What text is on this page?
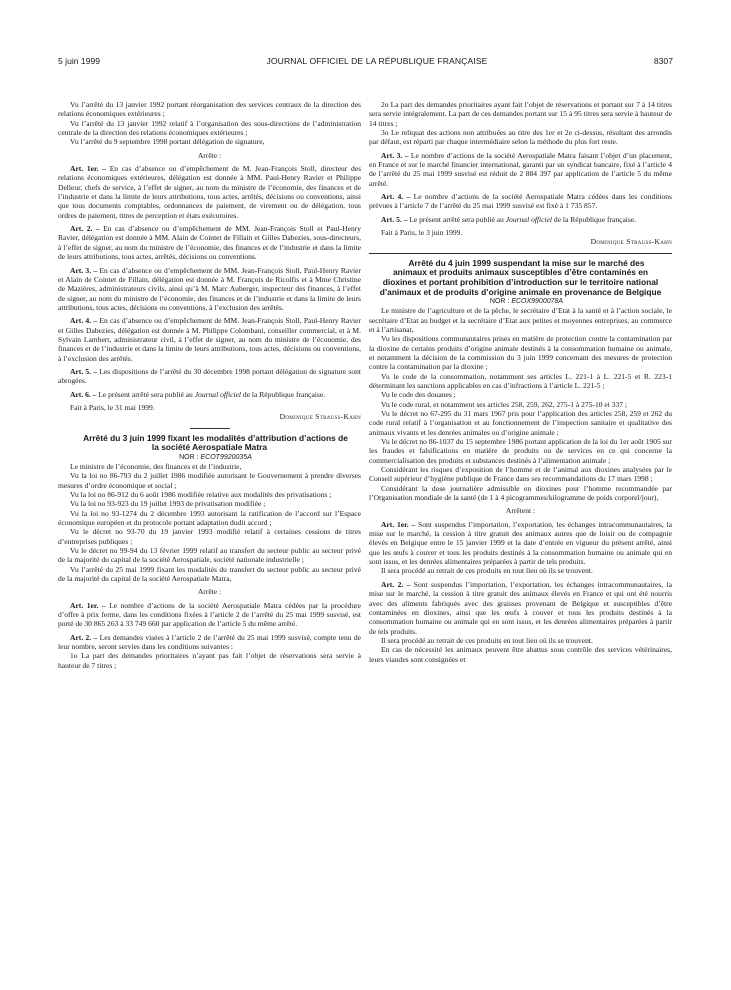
5 juin 1999	JOURNAL OFFICIEL DE LA RÉPUBLIQUE FRANÇAISE	8307

Vu l’arrêté du 13 janvier 1992 portant réorganisation des services centraux de la direction des relations économiques extérieures ;

Vu l’arrêté du 13 janvier 1992 relatif à l’organisation des sous-directions de l’administration centrale de la direction des relations économiques extérieures ;

Vu l’arrêté du 9 septembre 1998 portant délégation de signature,

Arrête :

Art. 1er. – En cas d’absence ou d’empêchement de M. Jean-François Stoll, directeur des relations économiques extérieures, délégation est donnée à MM. Paul-Henry Ravier et Philippe Delleur, chefs de service, à l’effet de signer, au nom du ministre de l’économie, des finances et de l’industrie et dans la limite de leurs attributions, tous actes, arrêtés, décisions ou conventions, ainsi que tous documents comptables, ordonnances de paiement, de virement ou de délégation, tous ordres de paiement, titres de perception et états exécutoires.

Art. 2. – En cas d’absence ou d’empêchement de MM. Jean-François Stoll et Paul-Henry Ravier, délégation est donnée à MM. Alain de Cointet de Fillain et Gilles Dabezies, sous-directeurs, à l’effet de signer, au nom du ministre de l’économie, des finances et de l’industrie et dans la limite de leurs attributions, tous actes, arrêtés, décisions ou conventions.

Art. 3. – En cas d’absence ou d’empêchement de MM. Jean-François Stoll, Paul-Henry Ravier et Alain de Cointet de Fillain, délégation est donnée à M. François de Ricolfis et à Mme Christine de Mazières, administrateurs civils, ainsi qu’à M. Marc Auberger, inspecteur des finances, à l’effet de signer, au nom du ministre de l’économie, des finances et de l’industrie et dans la limite de leurs attributions, tous actes, décisions ou conventions, à l’exclusion des arrêtés.

Art. 4. – En cas d’absence ou d’empêchement de MM. Jean-François Stoll, Paul-Henry Ravier et Gilles Dabezies, délégation est donnée à M. Philippe Colombani, conseiller commercial, et à M. Sylvain Lambert, administrateur civil, à l’effet de signer, au nom du ministre de l’économie, des finances et de l’industrie et dans la limite de leurs attributions, tous actes, décisions ou conventions, à l’exclusion des arrêtés.

Art. 5. – Les dispositions de l’arrêté du 30 décembre 1998 portant délégation de signature sont abrogées.

Art. 6. – Le présent arrêté sera publié au Journal officiel de la République française.

Fait à Paris, le 31 mai 1999.

Dominique Strauss-Kahn

Arrêté du 3 juin 1999 fixant les modalités d’attribution d’actions de la société Aerospatiale Matra

NOR : ECOT9920035A

Le ministre de l’économie, des finances et de l’industrie,

Vu la loi no 86-793 du 2 juillet 1986 modifiée autorisant le Gouvernement à prendre diverses mesures d’ordre économique et social ;

Vu la loi no 86-912 du 6 août 1986 modifiée relative aux modalités des privatisations ;

Vu la loi no 93-923 du 19 juillet 1993 de privatisation modifiée ;

Vu la loi no 93-1274 du 2 décembre 1993 autorisant la ratification de l’accord sur l’Espace économique européen et du protocole portant adaptation dudit accord ;

Vu le décret no 93-70 du 19 janvier 1993 modifié relatif à certaines cessions de titres d’entreprises publiques ;

Vu le décret no 99-94 du 13 février 1999 relatif au transfert du secteur public au secteur privé de la majorité du capital de la société Aerospatiale, société nationale industrielle ;

Vu l’arrêté du 25 mai 1999 fixant les modalités du transfert du secteur public au secteur privé de la majorité du capital de la société Aerospatiale Matra,

Arrête :

Art. 1er. – Le nombre d’actions de la société Aerospatiale Matra cédées par la procédure d’offre à prix ferme, dans les conditions fixées à l’article 2 de l’arrêté du 25 mai 1999 susvisé, est porté de 30 865 263 à 33 749 660 par application de l’article 5 du même arrêté.

Art. 2. – Les demandes visées à l’article 2 de l’arrêté du 25 mai 1999 susvisé, compte tenu de leur nombre, seront servies dans les conditions suivantes :

1o La part des demandes prioritaires n’ayant pas fait l’objet de réservations sera servie à hauteur de 7 titres ;

2o La part des demandes prioritaires ayant fait l’objet de réservations et portant sur 7 à 14 titres sera servie intégralement. La part de ces demandes portant sur 15 à 95 titres sera servie à hauteur de 14 titres ;

3o Le reliquat des actions non attribuées au titre des 1er et 2e ci-dessus, résultant des arrondis par défaut, est réparti par chaque intermédiaire selon la méthode du plus fort reste.

Art. 3. – Le nombre d’actions de la société Aerospatiale Matra faisant l’objet d’un placement, en France et sur le marché financier international, garanti par un syndicat bancaire, fixé à l’article 4 de l’arrêté du 25 mai 1999 susvisé est réduit de 2 884 397 par application de l’article 5 du même arrêté.

Art. 4. – Le nombre d’actions de la société Aerospatiale Matra cédées dans les conditions prévues à l’article 7 de l’arrêté du 25 mai 1999 susvisé est fixé à 1 735 857.

Art. 5. – Le présent arrêté sera publié au Journal officiel de la République française.

Fait à Paris, le 3 juin 1999.

Dominique Strauss-Kahn

Arrêté du 4 juin 1999 suspendant la mise sur le marché des animaux et produits animaux susceptibles d’être contaminés en dioxines et portant prohibition d’introduction sur le territoire national d’animaux et de produits d’origine animale en provenance de Belgique

NOR : ECOX9900078A

Le ministre de l’agriculture et de la pêche, le secrétaire d’Etat à la santé et à l’action sociale, le secrétaire d’Etat au budget et la secrétaire d’Etat aux petites et moyennes entreprises, au commerce et à l’artisanat,

Vu les dispositions communautaires prises en matière de protection contre la contamination par la dioxine de certains produits d’origine animale destinés à la consommation humaine ou animale, et notamment la décision de la commission du 3 juin 1999 concernant des mesures de protection contre la contamination par la dioxine ;

Vu le code de la consommation, notamment ses articles L. 221-1 à L. 221-5 et R. 223-1 déterminant les sanctions applicables en cas d’infractions à l’article L. 221-5 ;

Vu le code des douanes ;

Vu le code rural, et notamment ses articles 258, 259, 262, 275-1 à 275-10 et 337 ;

Vu le décret no 67-295 du 31 mars 1967 pris pour l’application des articles 258, 259 et 262 du code rural relatif à l’organisation et au fonctionnement de l’inspection sanitaire et qualitative des animaux vivants et les denrées animales ou d’origine animale ;

Vu le décret no 86-1037 du 15 septembre 1986 portant application de la loi du 1er août 1905 sur les fraudes et falsifications en matière de produits ou de services en ce qui concerne la commercialisation des produits et substances destinés à l’alimentation animale ;

Considérant les risques d’exposition de l’homme et de l’animal aux dioxines analysées par le Conseil supérieur d’hygiène publique de France dans ses recommandations du 17 mars 1998 ;

Considérant la dose journalière admissible en dioxines pour l’homme recommandée par l’Organisation mondiale de la santé (de 1 à 4 picogrammes/kilogramme de poids corporel/jour),

Arrêtent :

Art. 1er. – Sont suspendus l’importation, l’exportation, les échanges intracommunautaires, la mise sur le marché, la cession à titre gratuit des animaux autres que de loisir ou de compagnie élevés en Belgique entre le 15 janvier 1999 et la date d’entrée en vigueur du présent arrêté, ainsi que les œufs à couver et tous les produits destinés à la consommation humaine ou animale qui en sont issus, et les denrées alimentaires préparées à partir de tels produits.

Il sera procédé au retrait de ces produits en tout lieu où ils se trouvent.

Art. 2. – Sont suspendus l’importation, l’exportation, les échanges intracommunautaires, la mise sur le marché, la cession à titre gratuit des animaux élevés en France et qui ont été nourris avec des aliments fabriqués avec des graisses provenant de Belgique et susceptibles d’être contaminées en dioxines, ainsi que les œufs à couver et tous les produits destinés à la consommation humaine ou animale qui en sont issus, et les denrées alimentaires préparées à partir de tels produits.

Il sera procédé au retrait de ces produits en tout lieu où ils se trouvent.

En cas de nécessité les animaux peuvent être abattus sous contrôle des services vétérinaires, leurs viandes sont consignées et
